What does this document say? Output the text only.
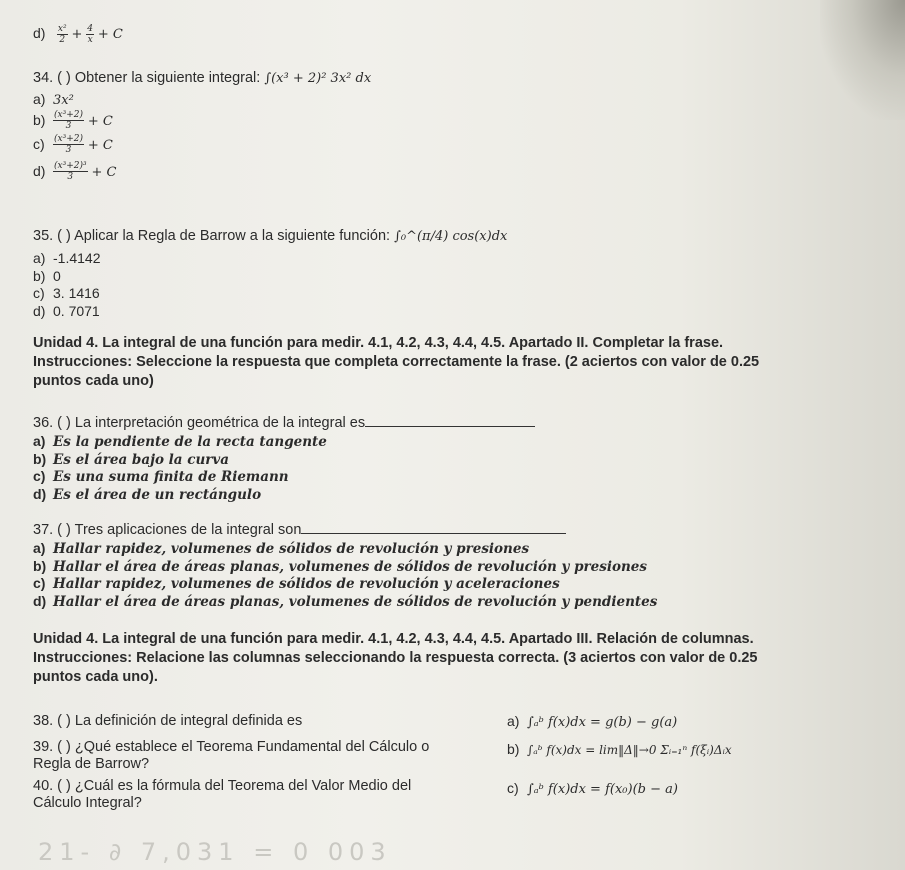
$d) \frac{\text{x²}}{2} + \frac{4}{x} + C$

34. ( ) Obtener la siguiente integral: ∫(x³ + 2)² 3x² dx

a) 3x²

$b) \frac{\text{(x³+2)}}{3} + C$

$c) \frac{\text{(x³+2)}}{3} + C$

$d) \frac{\text{(x³+2)³}}{3} + C$

35. ( ) Aplicar la Regla de Barrow a la siguiente función: ∫₀^(π/4) cos(x)dx

a) -1.4142

b) 0

c) 3. 1416

d) 0. 7071

Unidad 4. La integral de una función para medir. 4.1, 4.2, 4.3, 4.4, 4.5. Apartado II. Completar la frase.

Instrucciones: Seleccione la respuesta que completa correctamente la frase. (2 aciertos con valor de 0.25

puntos cada uno)

36. ( ) La interpretación geométrica de la integral es

a) Es la pendiente de la recta tangente

b) Es el área bajo la curva

c) Es una suma finita de Riemann

d) Es el área de un rectángulo

37. ( ) Tres aplicaciones de la integral son

a) Hallar rapidez, volumenes de sólidos de revolución y presiones

b) Hallar el área de áreas planas, volumenes de sólidos de revolución y presiones

c) Hallar rapidez, volumenes de sólidos de revolución y aceleraciones

d) Hallar el área de áreas planas, volumenes de sólidos de revolución y pendientes

Unidad 4. La integral de una función para medir. 4.1, 4.2, 4.3, 4.4, 4.5. Apartado III. Relación de columnas.

Instrucciones: Relacione las columnas seleccionando la respuesta correcta. (3 aciertos con valor de 0.25

puntos cada uno).

38. ( ) La definición de integral definida es
39. ( ) ¿Qué establece el Teorema Fundamental del Cálculo o
Regla de Barrow?
40. ( ) ¿Cuál es la fórmula del Teorema del Valor Medio del
Cálculo Integral?
a) ∫ₐᵇ f(x)dx = g(b) − g(a)
b) ∫ₐᵇ f(x)dx = lim‖Δ‖→0 Σᵢ₌₁ⁿ f(ξᵢ)Δᵢx
c) ∫ₐᵇ f(x)dx = f(x₀)(b − a)
21- ∂ 7,031 = 0 003
